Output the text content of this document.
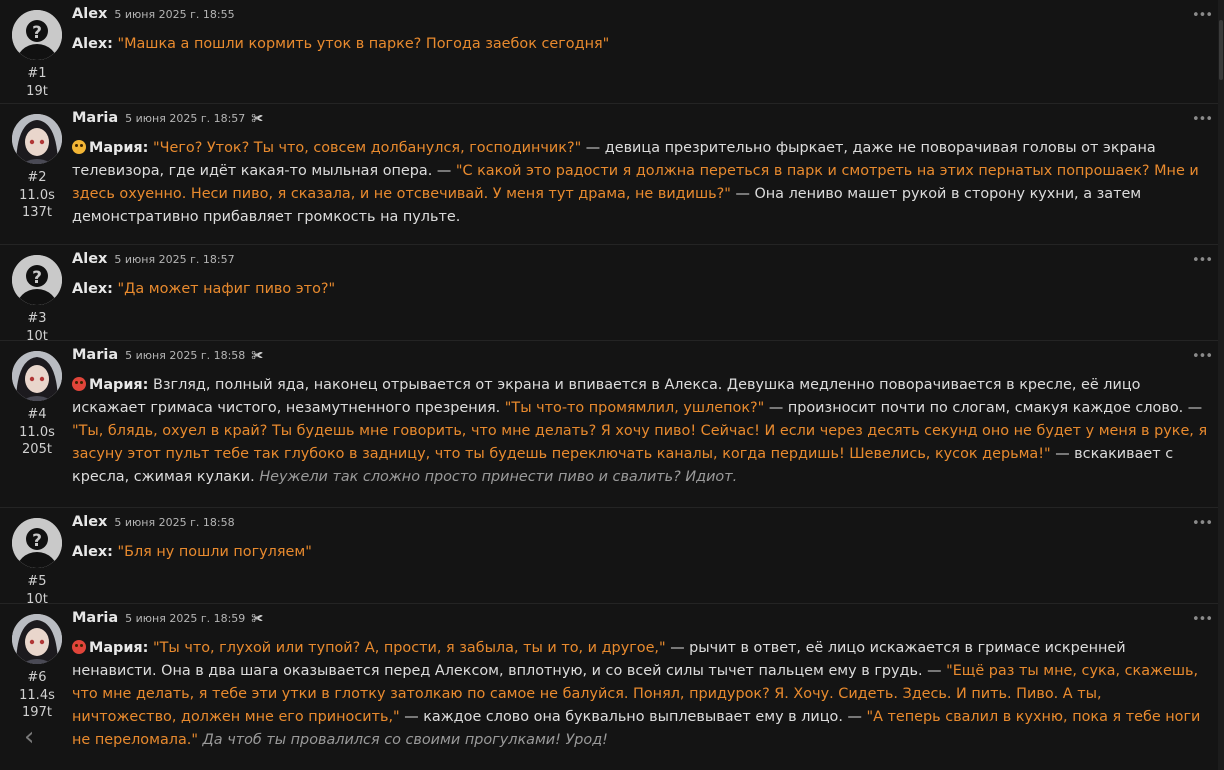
?
#1
19t
Alex 5 июня 2025 г. 18:55	•••
Alex: "Машка а пошли кормить уток в парке? Погода заебок сегодня"
#2
11.0s
137t
Maria 5 июня 2025 г. 18:57 ✀	•••
Мария: "Чего? Уток? Ты что, совсем долбанулся, господинчик?" — девица презрительно фыркает, даже не поворачивая головы от экрана телевизора, где идёт какая-то мыльная опера. — "С какой это радости я должна переться в парк и смотреть на этих пернатых попрошаек? Мне и здесь охуенно. Неси пиво, я сказала, и не отсвечивай. У меня тут драма, не видишь?" — Она лениво машет рукой в сторону кухни, а затем демонстративно прибавляет громкость на пульте.
?
#3
10t
Alex 5 июня 2025 г. 18:57	•••
Alex: "Да может нафиг пиво это?"
#4
11.0s
205t
Maria 5 июня 2025 г. 18:58 ✀	•••
Мария: Взгляд, полный яда, наконец отрывается от экрана и впивается в Алекса. Девушка медленно поворачивается в кресле, её лицо искажает гримаса чистого, незамутненного презрения. "Ты что-то промямлил, ушлепок?" — произносит почти по слогам, смакуя каждое слово. — "Ты, блядь, охуел в край? Ты будешь мне говорить, что мне делать? Я хочу пиво! Сейчас! И если через десять секунд оно не будет у меня в руке, я засуну этот пульт тебе так глубоко в задницу, что ты будешь переключать каналы, когда пердишь! Шевелись, кусок дерьма!" — вскакивает с кресла, сжимая кулаки. Неужели так сложно просто принести пиво и свалить? Идиот.
?
#5
10t
Alex 5 июня 2025 г. 18:58	•••
Alex: "Бля ну пошли погуляем"
#6
11.4s
197t
Maria 5 июня 2025 г. 18:59 ✀	•••
Мария: "Ты что, глухой или тупой? А, прости, я забыла, ты и то, и другое," — рычит в ответ, её лицо искажается в гримасе искренней ненависти. Она в два шага оказывается перед Алексом, вплотную, и со всей силы тычет пальцем ему в грудь. — "Ещё раз ты мне, сука, скажешь, что мне делать, я тебе эти утки в глотку затолкаю по самое не балуйся. Понял, придурок? Я. Хочу. Сидеть. Здесь. И пить. Пиво. А ты, ничтожество, должен мне его приносить," — каждое слово она буквально выплевывает ему в лицо. — "А теперь свалил в кухню, пока я тебе ноги не переломала." Да чтоб ты провалился со своими прогулками! Урод!
‹
